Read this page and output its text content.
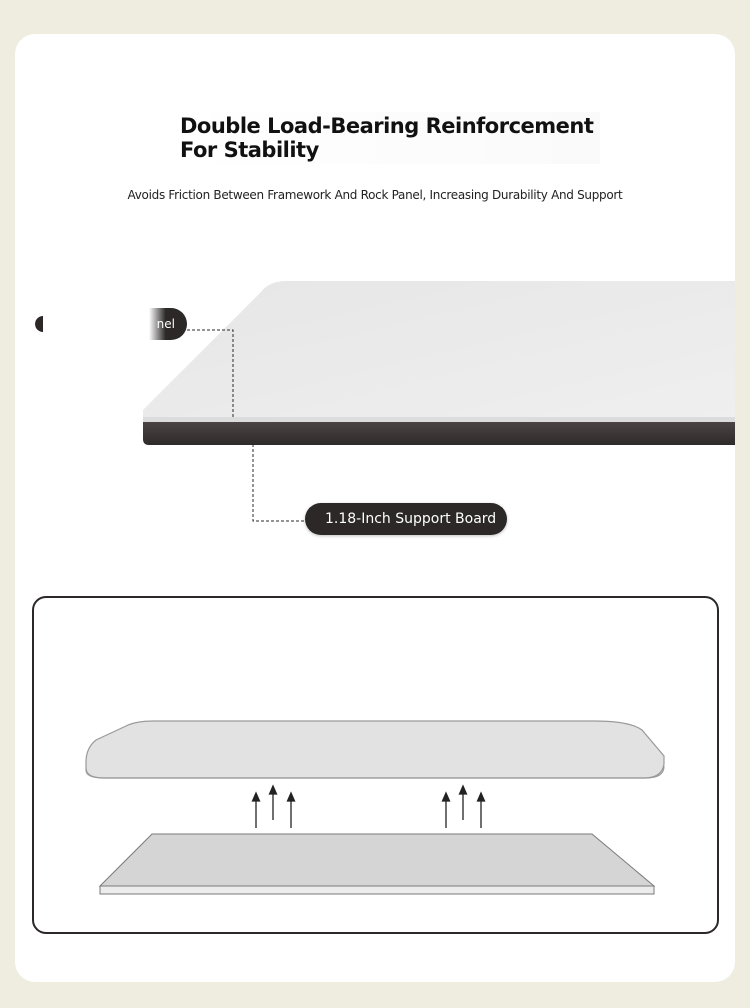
Double Load-Bearing Reinforcement
For Stability
Avoids Friction Between Framework And Rock Panel, Increasing Durability And Support
nel
1.18-Inch Support Board
